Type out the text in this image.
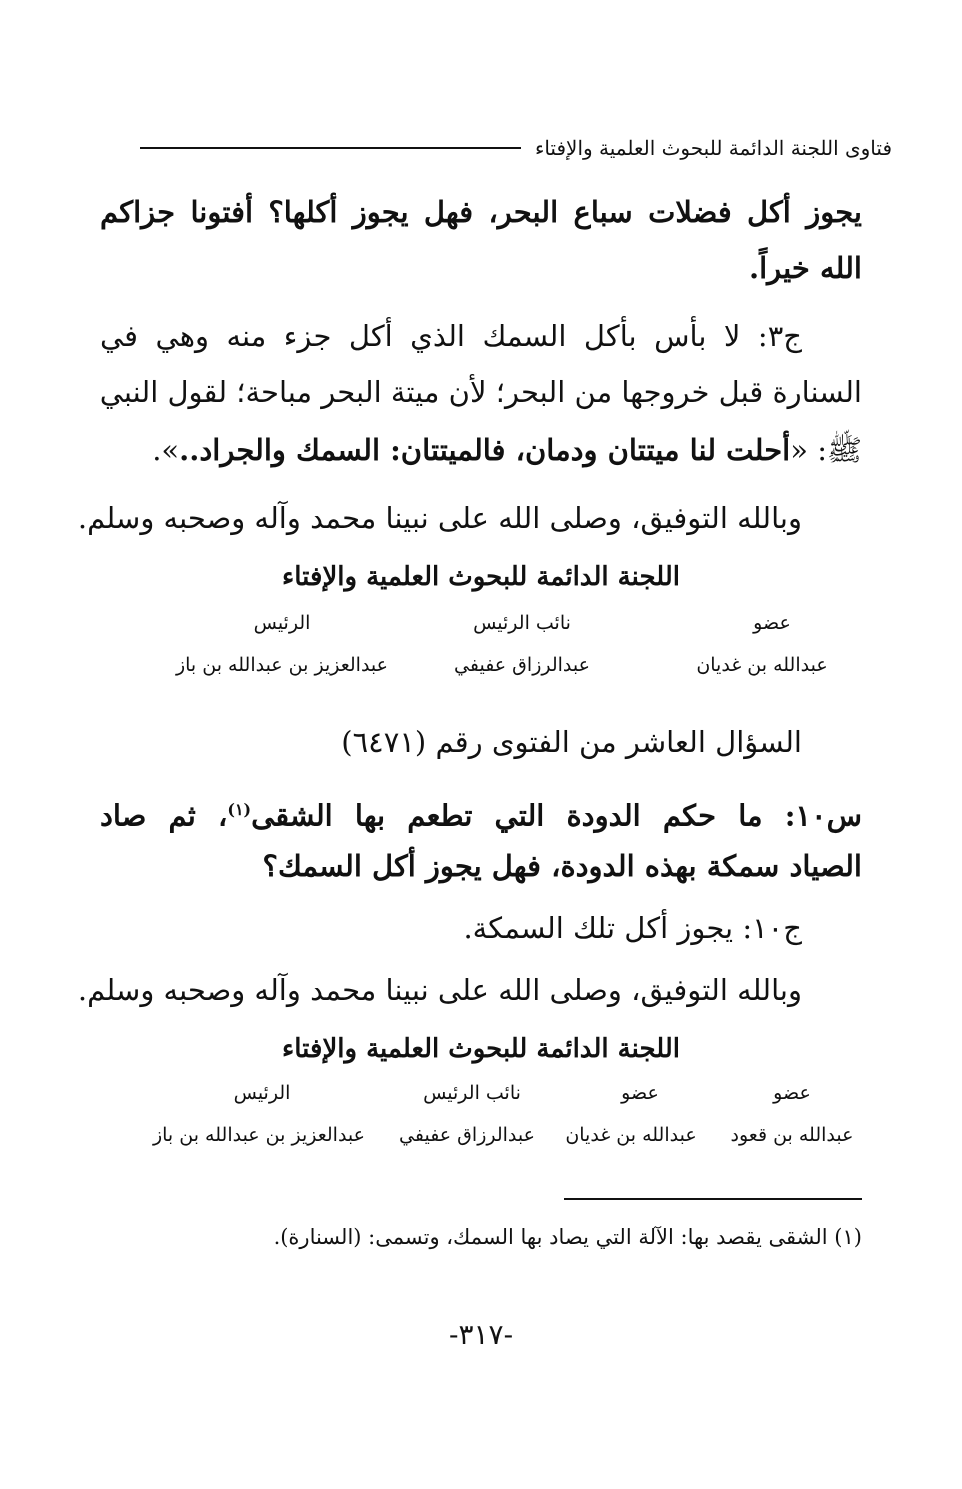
فتاوى اللجنة الدائمة للبحوث العلمية والإفتاء
يجوز أكل فضلات سباع البحر، فهل يجوز أكلها؟ أفتونا جزاكم
الله خيراً.
ج٣: لا بأس بأكل السمك الذي أكل جزء منه وهي في
السنارة قبل خروجها من البحر؛ لأن ميتة البحر مباحة؛ لقول النبي
ﷺ: «أحلت لنا ميتتان ودمان، فالميتتان: السمك والجراد..».
وبالله التوفيق، وصلى الله على نبينا محمد وآله وصحبه وسلم.
اللجنة الدائمة للبحوث العلمية والإفتاء
عضو
نائب الرئيس
الرئيس
عبدالله بن غديان
عبدالرزاق عفيفي
عبدالعزيز بن عبدالله بن باز
السؤال العاشر من الفتوى رقم (٦٤٧١)
س١٠: ما حكم الدودة التي تطعم بها الشقى$^{(١)}$، ثم صاد
الصياد سمكة بهذه الدودة، فهل يجوز أكل السمك؟
ج١٠: يجوز أكل تلك السمكة.
وبالله التوفيق، وصلى الله على نبينا محمد وآله وصحبه وسلم.
اللجنة الدائمة للبحوث العلمية والإفتاء
عضو
عضو
نائب الرئيس
الرئيس
عبدالله بن قعود
عبدالله بن غديان
عبدالرزاق عفيفي
عبدالعزيز بن عبدالله بن باز
(١) الشقى يقصد بها: الآلة التي يصاد بها السمك، وتسمى: (السنارة).
-٣١٧-
